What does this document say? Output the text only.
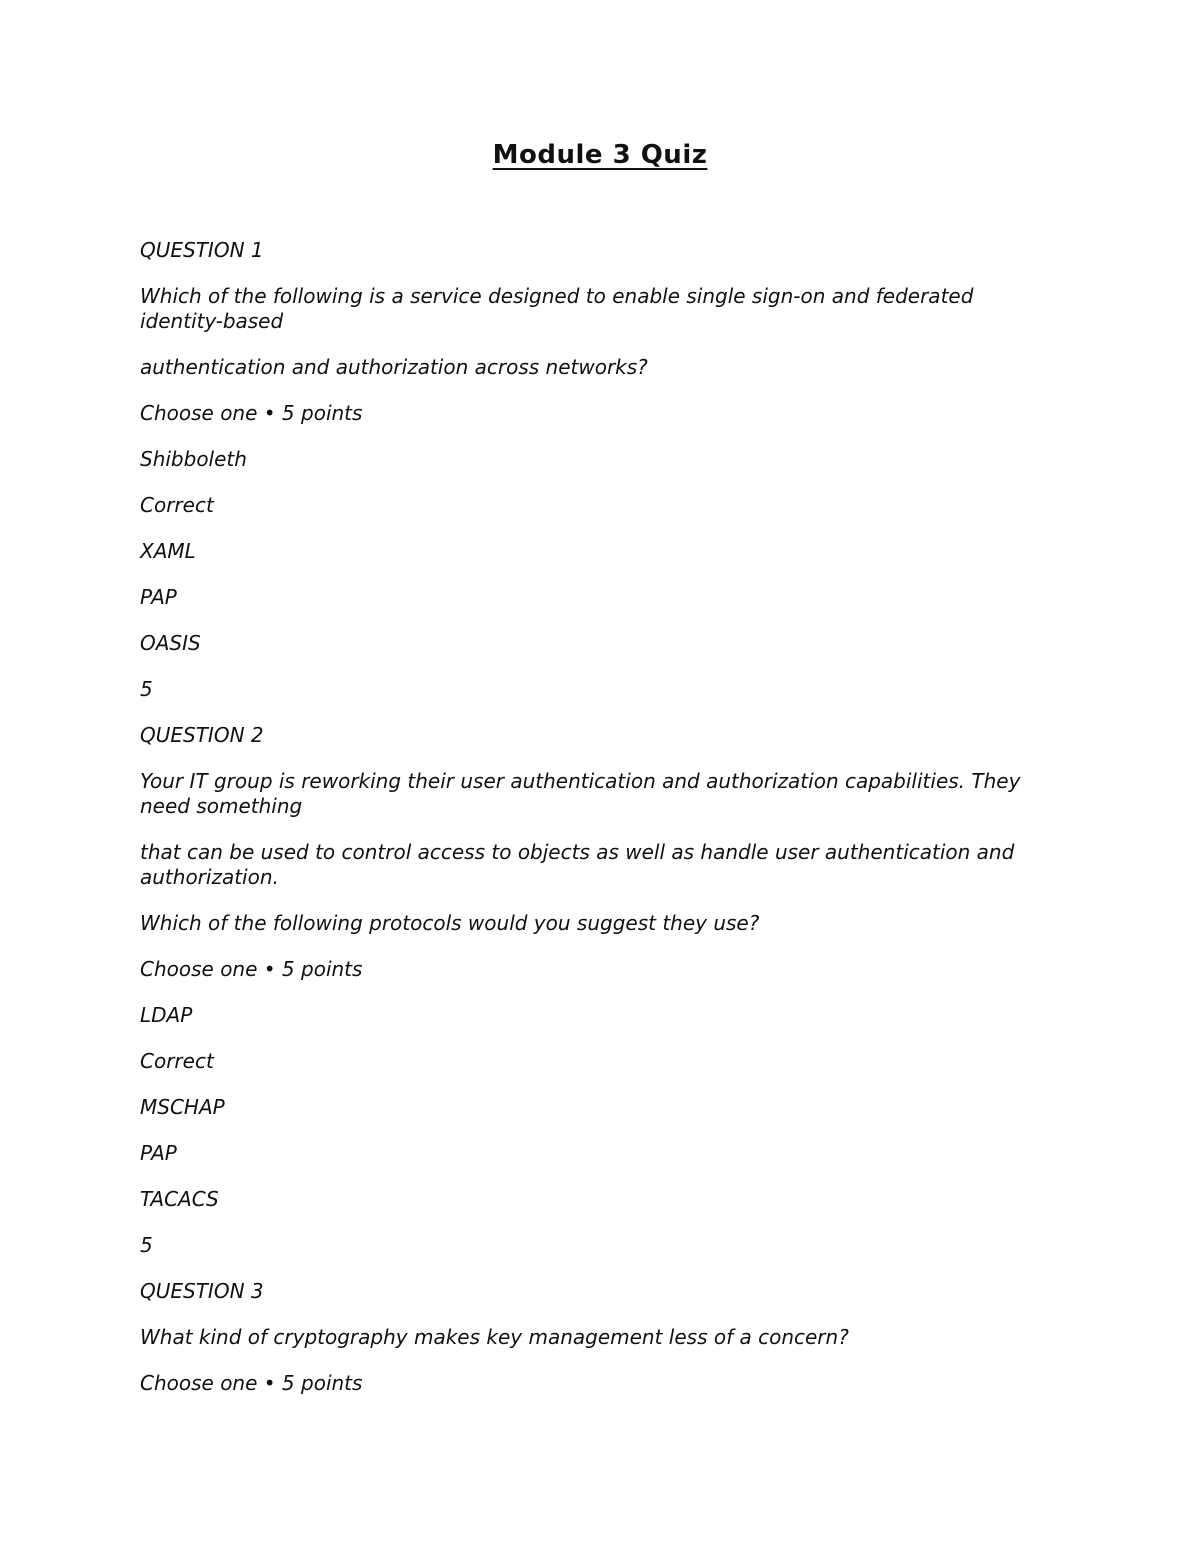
Module 3 Quiz

QUESTION 1

Which of the following is a service designed to enable single sign-on and federated identity-based

authentication and authorization across networks?

Choose one • 5 points

Shibboleth

Correct

XAML

PAP

OASIS

5

QUESTION 2

Your IT group is reworking their user authentication and authorization capabilities. They need something

that can be used to control access to objects as well as handle user authentication and authorization.

Which of the following protocols would you suggest they use?

Choose one • 5 points

LDAP

Correct

MSCHAP

PAP

TACACS

5

QUESTION 3

What kind of cryptography makes key management less of a concern?

Choose one • 5 points
